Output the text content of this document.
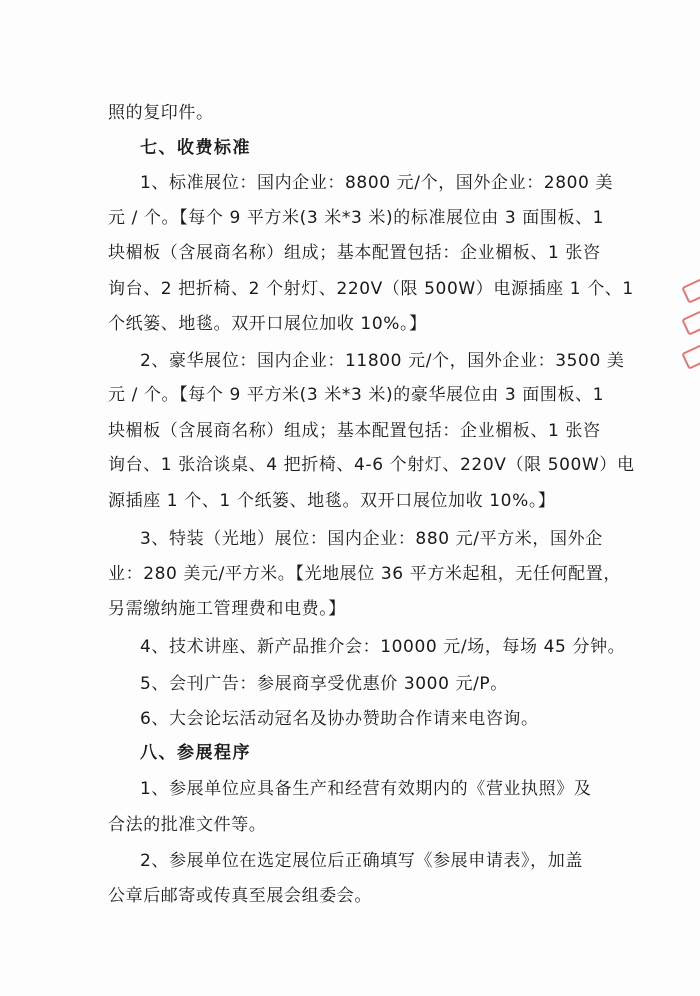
照的复印件。
七、收费标准
1、标准展位：国内企业：8800 元/个，国外企业：2800 美
元 / 个。【每个 9 平方米(3 米*3 米)的标准展位由 3 面围板、1
块楣板（含展商名称）组成；基本配置包括：企业楣板、1 张咨
询台、2 把折椅、2 个射灯、220V（限 500W）电源插座 1 个、1
个纸篓、地毯。双开口展位加收 10%。】
2、豪华展位：国内企业：11800 元/个，国外企业：3500 美
元 / 个。【每个 9 平方米(3 米*3 米)的豪华展位由 3 面围板、1
块楣板（含展商名称）组成；基本配置包括：企业楣板、1 张咨
询台、1 张洽谈桌、4 把折椅、4-6 个射灯、220V（限 500W）电
源插座 1 个、1 个纸篓、地毯。双开口展位加收 10%。】
3、特装（光地）展位：国内企业：880 元/平方米，国外企
业：280 美元/平方米。【光地展位 36 平方米起租，无任何配置，
另需缴纳施工管理费和电费。】
4、技术讲座、新产品推介会：10000 元/场，每场 45 分钟。
5、会刊广告：参展商享受优惠价 3000 元/P。
6、大会论坛活动冠名及协办赞助合作请来电咨询。
八、参展程序
1、参展单位应具备生产和经营有效期内的《营业执照》及
合法的批准文件等。
2、参展单位在选定展位后正确填写《参展申请表》，加盖
公章后邮寄或传真至展会组委会。
